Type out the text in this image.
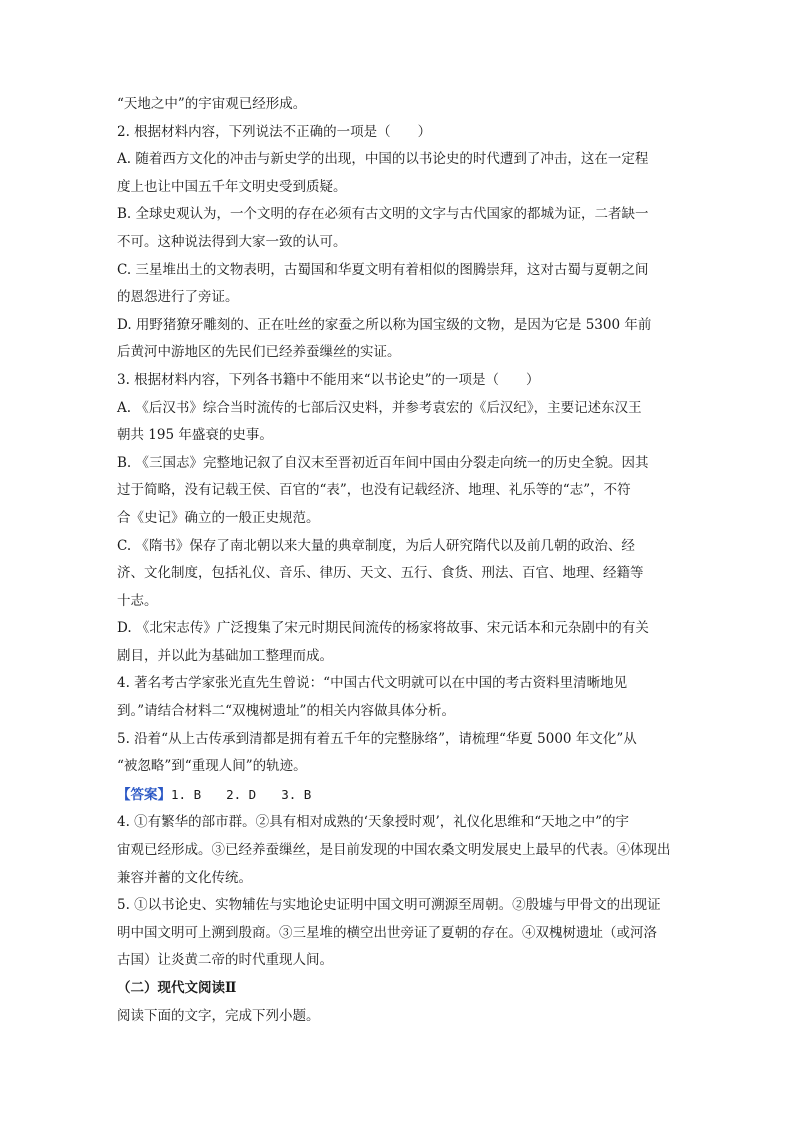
“天地之中”的宇宙观已经形成。

2. 根据材料内容，下列说法不正确的一项是（　　）

A. 随着西方文化的冲击与新史学的出现，中国的以书论史的时代遭到了冲击，这在一定程

度上也让中国五千年文明史受到质疑。

B. 全球史观认为，一个文明的存在必须有古文明的文字与古代国家的都城为证，二者缺一

不可。这种说法得到大家一致的认可。

C. 三星堆出土的文物表明，古蜀国和华夏文明有着相似的图腾崇拜，这对古蜀与夏朝之间

的恩怨进行了旁证。

D. 用野猪獠牙雕刻的、正在吐丝的家蚕之所以称为国宝级的文物，是因为它是 5300 年前

后黄河中游地区的先民们已经养蚕缫丝的实证。

3. 根据材料内容，下列各书籍中不能用来“以书论史”的一项是（　　）

A. 《后汉书》综合当时流传的七部后汉史料，并参考袁宏的《后汉纪》，主要记述东汉王

朝共 195 年盛衰的史事。

B. 《三国志》完整地记叙了自汉末至晋初近百年间中国由分裂走向统一的历史全貌。因其

过于简略，没有记载王侯、百官的“表”，也没有记载经济、地理、礼乐等的“志”，不符

合《史记》确立的一般正史规范。

C. 《隋书》保存了南北朝以来大量的典章制度，为后人研究隋代以及前几朝的政治、经

济、文化制度，包括礼仪、音乐、律历、天文、五行、食货、刑法、百官、地理、经籍等

十志。

D. 《北宋志传》广泛搜集了宋元时期民间流传的杨家将故事、宋元话本和元杂剧中的有关

剧目，并以此为基础加工整理而成。

4. 著名考古学家张光直先生曾说：“中国古代文明就可以在中国的考古资料里清晰地见

到。”请结合材料二“双槐树遗址”的相关内容做具体分析。

5. 沿着“从上古传承到清都是拥有着五千年的完整脉络”，请梳理“华夏 5000 年文化”从

“被忽略”到“重现人间”的轨迹。

【答案】1. B　　2. D　　3. B

4. ①有繁华的部市群。②具有相对成熟的‘天象授时观’，礼仪化思维和“天地之中”的宇

宙观已经形成。③已经养蚕缫丝，是目前发现的中国农桑文明发展史上最早的代表。④体现出

兼容并蓄的文化传统。

5. ①以书论史、实物辅佐与实地论史证明中国文明可溯源至周朝。②殷墟与甲骨文的出现证

明中国文明可上溯到殷商。③三星堆的横空出世旁证了夏朝的存在。④双槐树遗址（或河洛

古国）让炎黄二帝的时代重现人间。

（二）现代文阅读Ⅱ

阅读下面的文字，完成下列小题。
